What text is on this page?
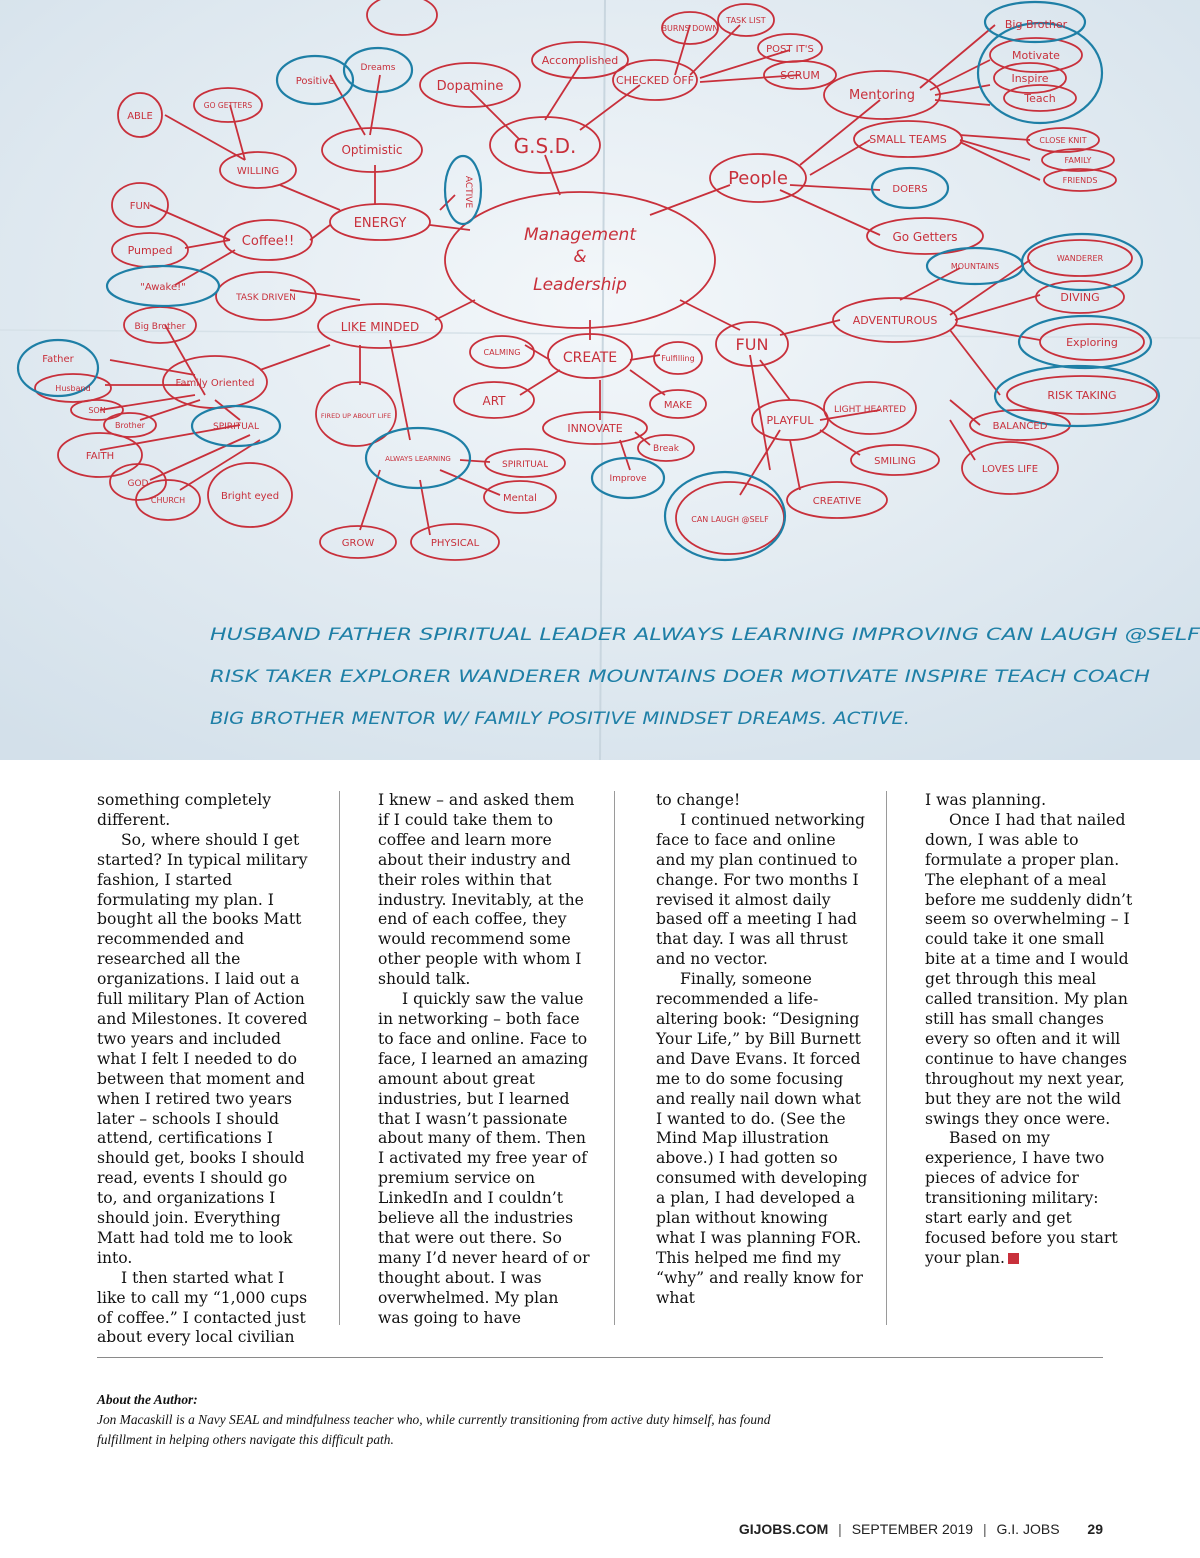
Management
&
Leadership
G.S.D.
People
ENERGY
LIKE MINDED
CREATE
FUN
Dopamine
Accomplished
CHECKED OFF
BURNS DOWN
TASK LIST
POST IT'S
SCRUM
Optimistic
Mentoring
SMALL TEAMS	CLOSE KNIT
FAMILY
FRIENDS
Go Getters
ADVENTUROUS
DIVING
BALANCED
LOVES LIFE
LIGHT HEARTED
PLAYFUL
SMILING
CREATIVE
CAN LAUGH @SELF
CALMING
ART
Fulfilling
MAKE
INNOVATE
Break
SPIRITUAL
Mental
PHYSICAL
GROW
FIRED UP ABOUT LIFE
Bright eyed
Family Oriented
SON
Brother
FAITH
GOD
CHURCH
Big Brother
TASK DRIVEN
Coffee!!
Pumped
FUN
WILLING
GO GETTERS
ABLE
WANDERER
Exploring
RISK TAKING
Big Brother
Motivate
Inspire
Teach
Positive
Dreams
DOERS
MOUNTAINS
SPIRITUAL
ALWAYS LEARNING
Improve
Father
Husband
"Awake!"
ACTIVE
HUSBAND FATHER SPIRITUAL LEADER ALWAYS LEARNING IMPROVING CAN LAUGH @SELF
RISK TAKER EXPLORER WANDERER MOUNTAINS DOER MOTIVATE INSPIRE TEACH COACH
BIG BROTHER MENTOR W/ FAMILY POSITIVE MINDSET DREAMS. ACTIVE.

something completely different.

So, where should I get started? In typical military fashion, I started formulating my plan. I bought all the books Matt recommended and researched all the organizations. I laid out a full military Plan of Action and Milestones. It covered two years and included what I felt I needed to do between that moment and when I retired two years later – schools I should attend, certifications I should get, books I should read, events I should go to, and organizations I should join. Everything Matt had told me to look into.

I then started what I like to call my “1,000 cups of coffee.” I contacted just about every local civilian

I knew – and asked them if I could take them to coffee and learn more about their industry and their roles within that industry. Inevitably, at the end of each coffee, they would recommend some other people with whom I should talk.

I quickly saw the value in networking – both face to face and online. Face to face, I learned an amazing amount about great industries, but I learned that I wasn’t passionate about many of them. Then I activated my free year of premium service on LinkedIn and I couldn’t believe all the industries that were out there. So many I’d never heard of or thought about. I was overwhelmed. My plan was going to have

to change!

I continued networking face to face and online and my plan continued to change. For two months I revised it almost daily based off a meeting I had that day. I was all thrust and no vector.

Finally, someone recommended a life-altering book: “Designing Your Life,” by Bill Burnett and Dave Evans. It forced me to do some focusing and really nail down what I wanted to do. (See the Mind Map illustration above.) I had gotten so consumed with developing a plan, I had developed a plan without knowing what I was planning FOR. This helped me find my “why” and really know for what

I was planning.

Once I had that nailed down, I was able to formulate a proper plan. The elephant of a meal before me suddenly didn’t seem so overwhelming – I could take it one small bite at a time and I would get through this meal called transition. My plan still has small changes every so often and it will continue to have changes throughout my next year, but they are not the wild swings they once were.

Based on my experience, I have two pieces of advice for transitioning military: start early and get focused before you start your plan.	GI

About the Author:
Jon Macaskill is a Navy SEAL and mindfulness teacher who, while currently transitioning from active duty himself, has found fulfillment in helping others navigate this difficult path.
GIJOBS.COM | SEPTEMBER 2019 | G.I. JOBS 29
